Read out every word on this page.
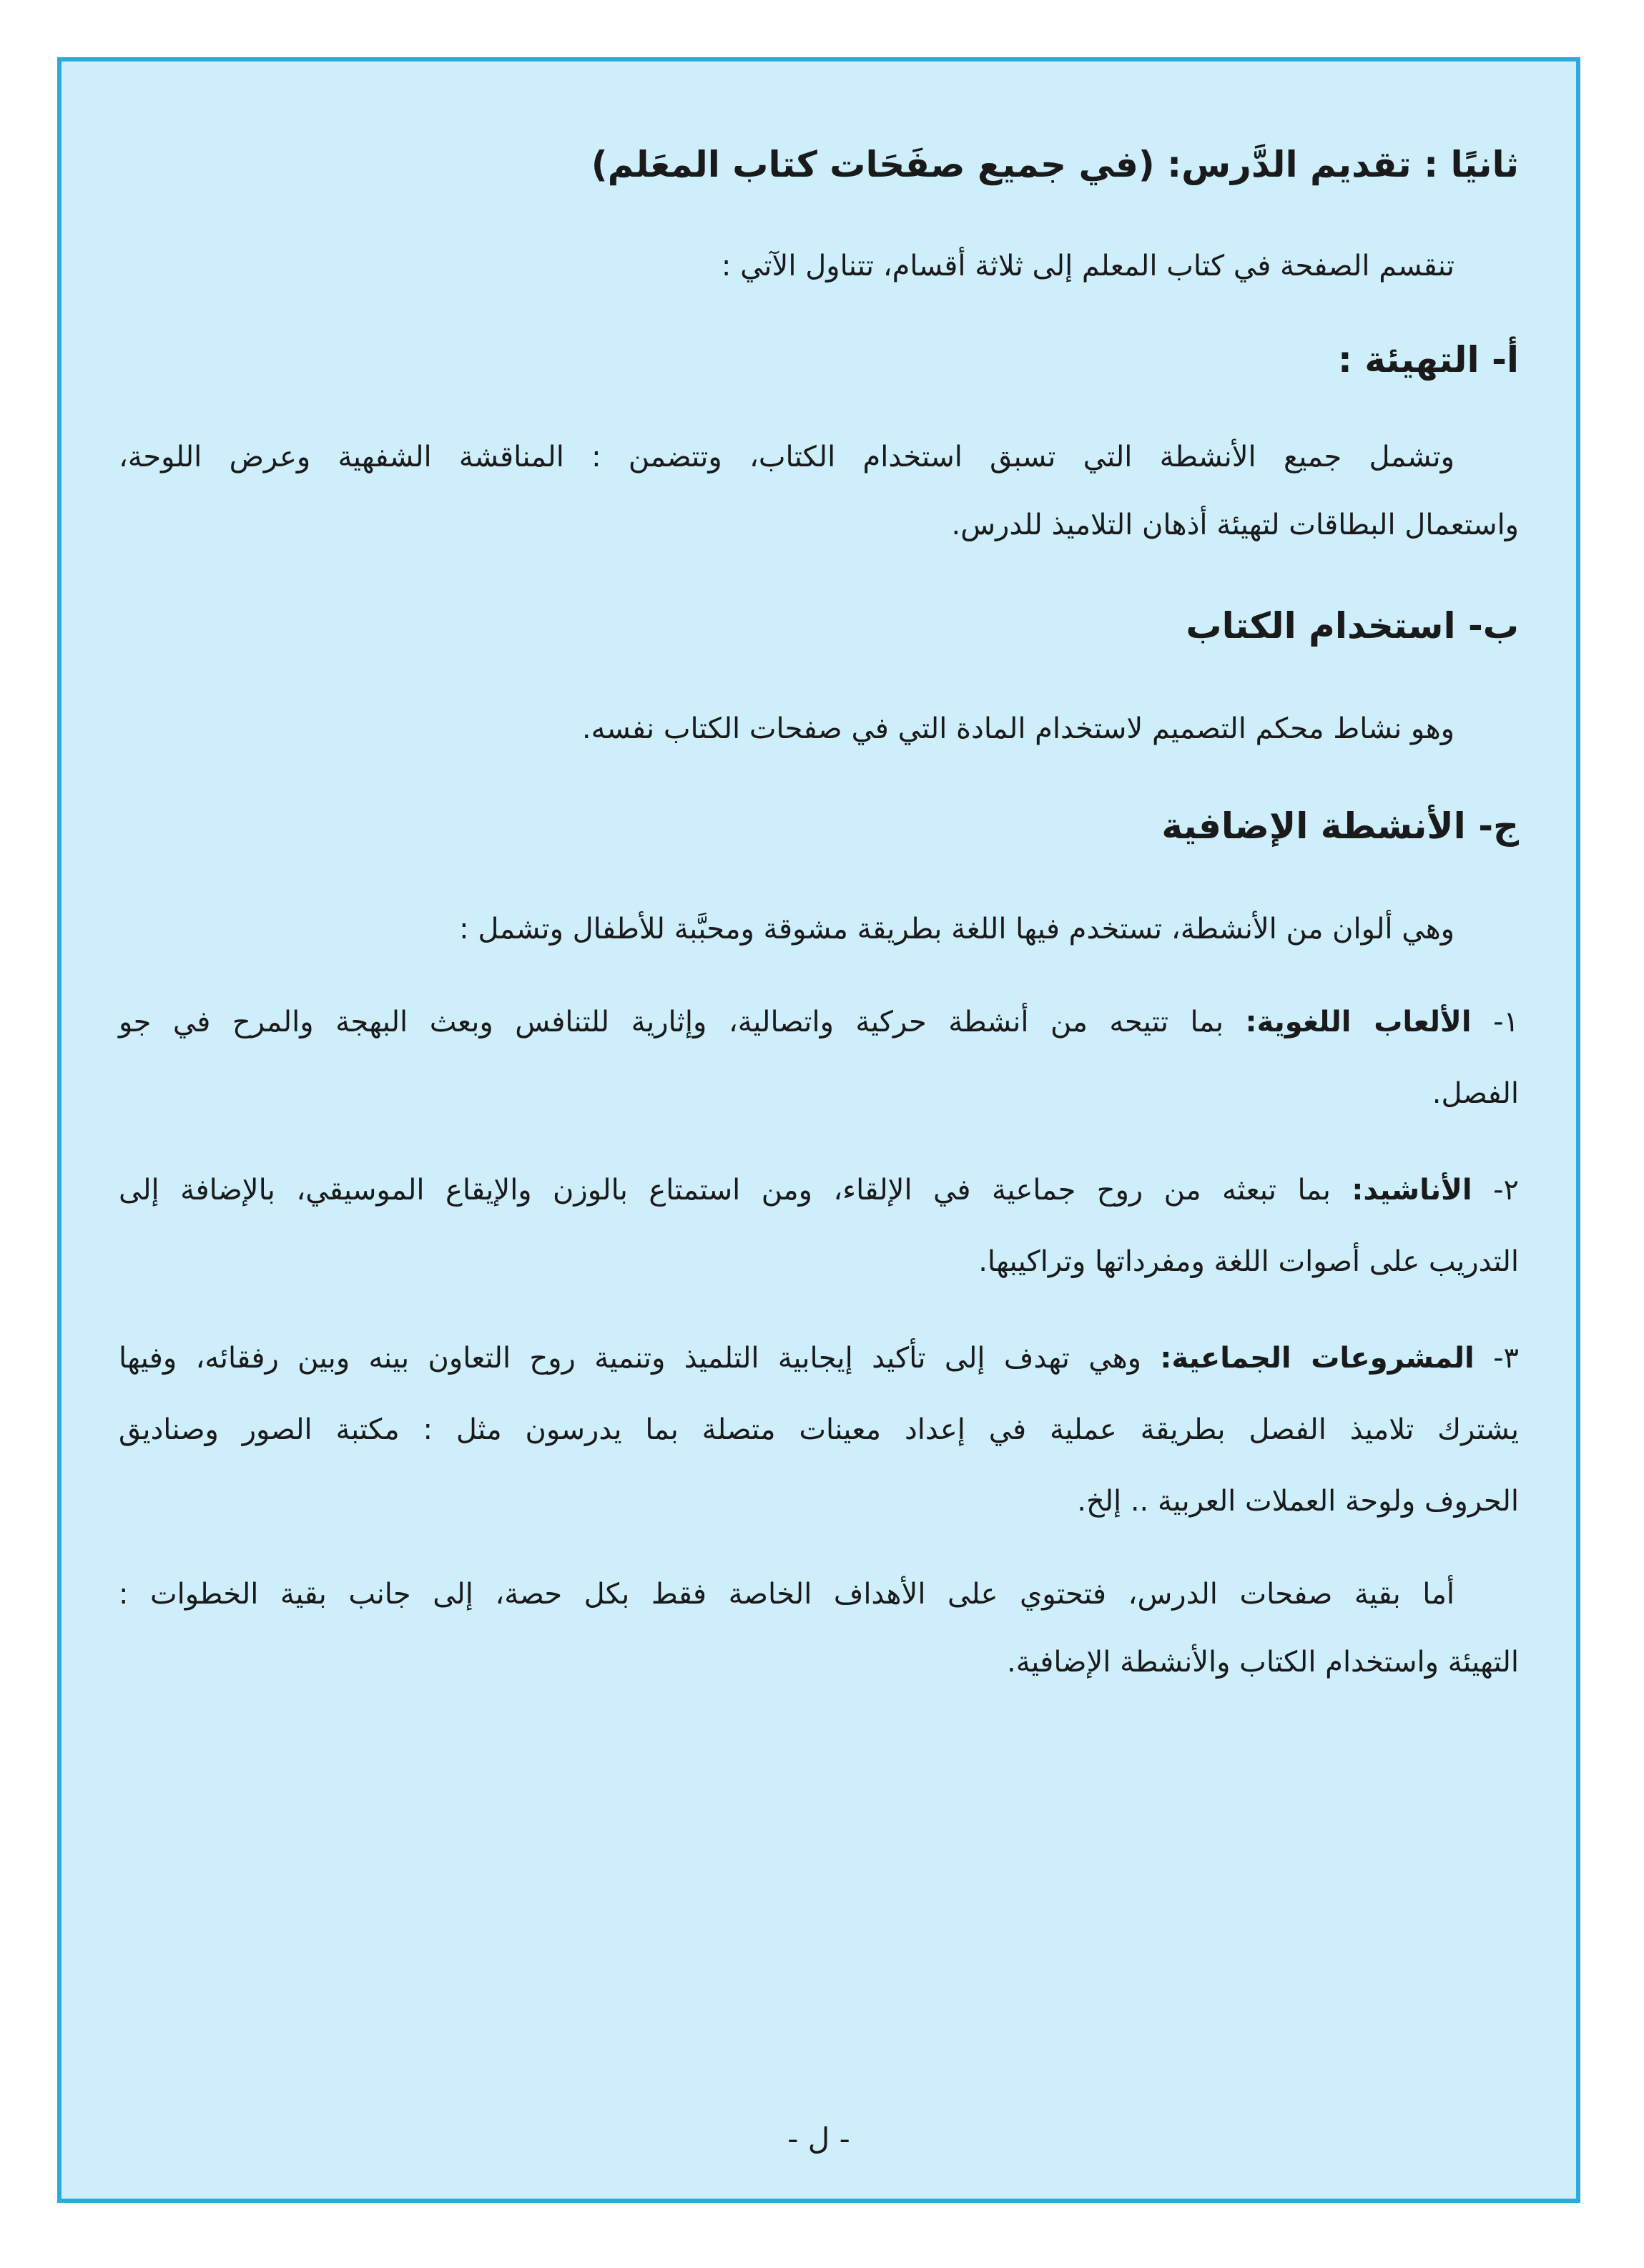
ثانيًا : تقديم الدَّرس: (في جميع صفَحَات كتاب المعَلم)
تنقسم الصفحة في كتاب المعلم إلى ثلاثة أقسام، تتناول الآتي :
أ- التهيئة :
وتشمل جميع الأنشطة التي تسبق استخدام الكتاب، وتتضمن : المناقشة الشفهية وعرض اللوحة،
واستعمال البطاقات لتهيئة أذهان التلاميذ للدرس.
ب- استخدام الكتاب
وهو نشاط محكم التصميم لاستخدام المادة التي في صفحات الكتاب نفسه.
ج- الأنشطة الإضافية
وهي ألوان من الأنشطة، تستخدم فيها اللغة بطريقة مشوقة ومحبَّبة للأطفال وتشمل :
١- الألعاب اللغوية: بما تتيحه من أنشطة حركية واتصالية، وإثارية للتنافس وبعث البهجة والمرح في جو
الفصل.
٢- الأناشيد: بما تبعثه من روح جماعية في الإلقاء، ومن استمتاع بالوزن والإيقاع الموسيقي، بالإضافة إلى
التدريب على أصوات اللغة ومفرداتها وتراكيبها.
٣- المشروعات الجماعية: وهي تهدف إلى تأكيد إيجابية التلميذ وتنمية روح التعاون بينه وبين رفقائه، وفيها
يشترك تلاميذ الفصل بطريقة عملية في إعداد معينات متصلة بما يدرسون مثل : مكتبة الصور وصناديق
الحروف ولوحة العملات العربية .. إلخ.
أما بقية صفحات الدرس، فتحتوي على الأهداف الخاصة فقط بكل حصة، إلى جانب بقية الخطوات :
التهيئة واستخدام الكتاب والأنشطة الإضافية.
- ل -
